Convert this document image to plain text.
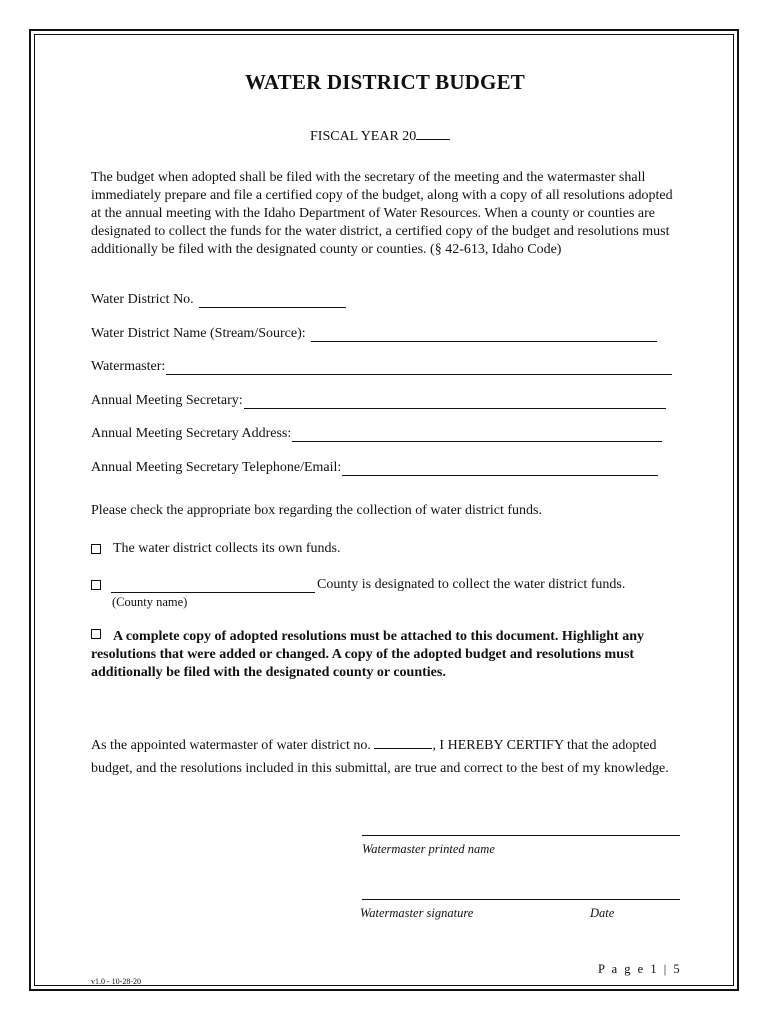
WATER DISTRICT BUDGET
FISCAL YEAR 20
The budget when adopted shall be filed with the secretary of the meeting and the watermaster shall immediately prepare and file a certified copy of the budget, along with a copy of all resolutions adopted at the annual meeting with the Idaho Department of Water Resources. When a county or counties are designated to collect the funds for the water district, a certified copy of the budget and resolutions must additionally be filed with the designated county or counties. (§ 42-613, Idaho Code)
Water District No.
Water District Name (Stream/Source):
Watermaster:
Annual Meeting Secretary:
Annual Meeting Secretary Address:
Annual Meeting Secretary Telephone/Email:
Please check the appropriate box regarding the collection of water district funds.
The water district collects its own funds.
County is designated to collect the water district funds.
(County name)
A complete copy of adopted resolutions must be attached to this document. Highlight any resolutions that were added or changed. A copy of the adopted budget and resolutions must additionally be filed with the designated county or counties.
As the appointed watermaster of water district no.	, I HEREBY CERTIFY that the adopted budget, and the resolutions included in this submittal, are true and correct to the best of my knowledge.
Watermaster printed name
Watermaster signature	Date
P a g e 1 | 5
v1.0 - 10-28-20
